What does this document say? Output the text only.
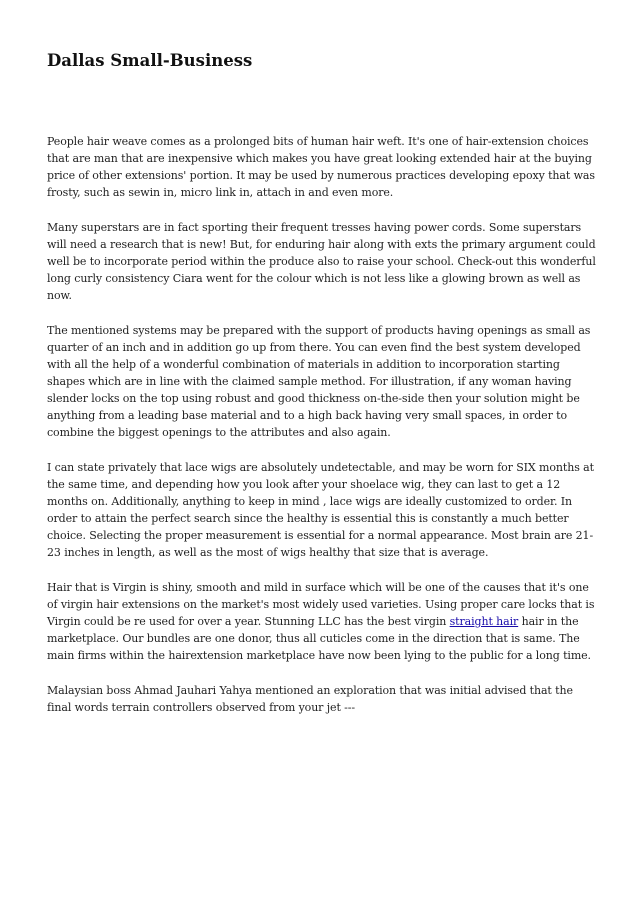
Dallas Small-Business

People hair weave comes as a prolonged bits of human hair weft. It's one of hair-extension choices that are man that are inexpensive which makes you have great looking extended hair at the buying price of other extensions' portion. It may be used by numerous practices developing epoxy that was frosty, such as sewin in, micro link in, attach in and even more.

Many superstars are in fact sporting their frequent tresses having power cords. Some superstars will need a research that is new! But, for enduring hair along with exts the primary argument could well be to incorporate period within the produce also to raise your school. Check-out this wonderful long curly consistency Ciara went for the colour which is not less like a glowing brown as well as now.

The mentioned systems may be prepared with the support of products having openings as small as quarter of an inch and in addition go up from there. You can even find the best system developed with all the help of a wonderful combination of materials in addition to incorporation starting shapes which are in line with the claimed sample method. For illustration, if any woman having slender locks on the top using robust and good thickness on-the-side then your solution might be anything from a leading base material and to a high back having very small spaces, in order to combine the biggest openings to the attributes and also again.

I can state privately that lace wigs are absolutely undetectable, and may be worn for SIX months at the same time, and depending how you look after your shoelace wig, they can last to get a 12 months on. Additionally, anything to keep in mind , lace wigs are ideally customized to order. In order to attain the perfect search since the healthy is essential this is constantly a much better choice. Selecting the proper measurement is essential for a normal appearance. Most brain are 21-23 inches in length, as well as the most of wigs healthy that size that is average.

Hair that is Virgin is shiny, smooth and mild in surface which will be one of the causes that it's one of virgin hair extensions on the market's most widely used varieties. Using proper care locks that is Virgin could be re used for over a year. Stunning LLC has the best virgin straight hair hair in the marketplace. Our bundles are one donor, thus all cuticles come in the direction that is same. The main firms within the hairextension marketplace have now been lying to the public for a long time.

Malaysian boss Ahmad Jauhari Yahya mentioned an exploration that was initial advised that the final words terrain controllers observed from your jet ---
